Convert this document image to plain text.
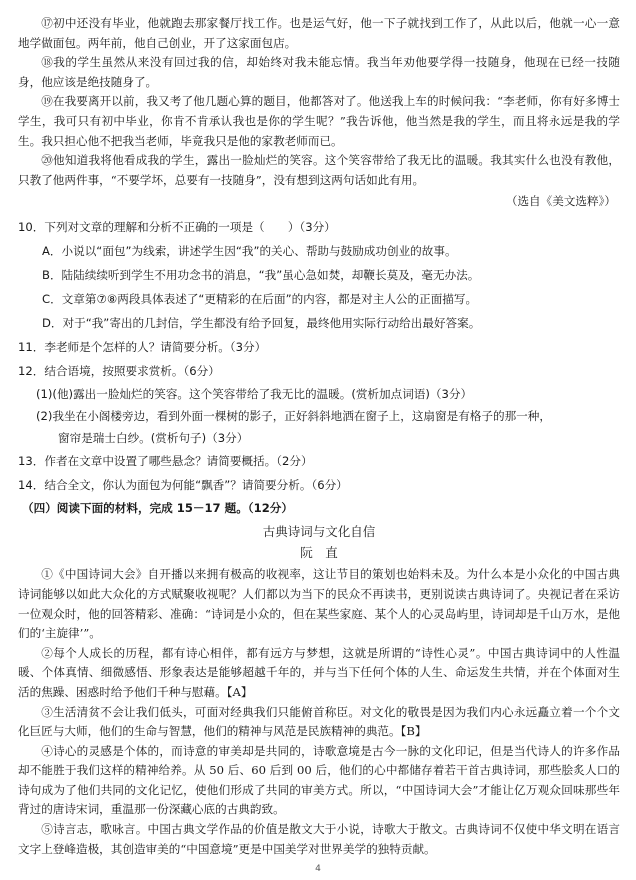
⑰初中还没有毕业，他就跑去那家餐厅找工作。也是运气好，他一下子就找到工作了，从此以后，他就一心一意地学做面包。两年前，他自己创业，开了这家面包店。

⑱我的学生虽然从来没有回过我的信，却始终对我未能忘情。我当年劝他要学得一技随身，他现在已经一技随身，他应该是绝技随身了。

⑲在我要离开以前，我又考了他几题心算的题目，他都答对了。他送我上车的时候问我：“李老师，你有好多博士学生，我可只有初中毕业，你肯不肯承认我也是你的学生呢？”我告诉他，他当然是我的学生，而且将永远是我的学生。我只担心他不把我当老师，毕竟我只是他的家教老师而已。

⑳他知道我将他看成我的学生，露出一脸灿烂的笑容。这个笑容带给了我无比的温暖。我其实什么也没有教他，只教了他两件事，“不要学坏，总要有一技随身”，没有想到这两句话如此有用。

（选自《美文选粹》）

10．下列对文章的理解和分析不正确的一项是（　　）（3分）

A．小说以“面包”为线索，讲述学生因“我”的关心、帮助与鼓励成功创业的故事。

B．陆陆续续听到学生不用功念书的消息，“我”虽心急如焚，却鞭长莫及，毫无办法。

C．文章第⑦⑧两段具体表述了“更精彩的在后面”的内容，都是对主人公的正面描写。

D．对于“我”寄出的几封信，学生都没有给予回复，最终他用实际行动给出最好答案。

11．李老师是个怎样的人？请简要分析。（3分）

12．结合语境，按照要求赏析。（6分）

(1)(他)露出一脸灿烂的笑容。这个笑容带给了我无比的温暖。(赏析加点词语)（3分）

(2)我坐在小阁楼旁边，看到外面一棵树的影子，正好斜斜地洒在窗子上，这扇窗是有格子的那一种，

窗帘是瑞士白纱。(赏析句子)（3分）

13．作者在文章中设置了哪些悬念？请简要概括。（2分）

14．结合全文，你认为面包为何能“飘香”？请简要分析。（6分）

（四）阅读下面的材料，完成 15－17 题。（12分）

古典诗词与文化自信

阮　直

①《中国诗词大会》自开播以来拥有极高的收视率，这让节目的策划也始料未及。为什么本是小众化的中国古典诗词能够以如此大众化的方式赋聚收视呢？人们都以为当下的民众不再读书，更别说读古典诗词了。央视记者在采访一位观众时，他的回答精彩、准确：“诗词是小众的，但在某些家庭、某个人的心灵岛屿里，诗词却是千山万水，是他们的‘主旋律’”。

②每个人成长的历程，都有诗心相伴，都有远方与梦想，这就是所谓的“诗性心灵”。中国古典诗词中的人性温暖、个体真情、细微感悟、形象表达是能够超越千年的，并与当下任何个体的人生、命运发生共情，并在个体面对生活的焦躁、困惑时给予他们千种与慰藉。【A】

③生活清贫不会让我们低头，可面对经典我们只能俯首称臣。对文化的敬畏是因为我们内心永远矗立着一个个文化巨匠与大师，他们的生命与智慧，他们的精神与风范是民族精神的典范。【B】

④诗心的灵感是个体的，而诗意的审美却是共同的，诗歌意境是古今一脉的文化印记，但是当代诗人的许多作品却不能胜于我们这样的精神给养。从 50 后、60 后到 00 后，他们的心中都储存着若干首古典诗词，那些脍炙人口的诗句成为了他们共同的文化记忆，使他们形成了共同的审美方式。所以，“中国诗词大会”才能让亿万观众回味那些年背过的唐诗宋词，重温那一份深藏心底的古典韵致。

⑤诗言志，歌咏言。中国古典文学作品的价值是散文大于小说，诗歌大于散文。古典诗词不仅使中华文明在语言文字上登峰造极，其创造审美的“中国意境”更是中国美学对世界美学的独特贡献。

4
